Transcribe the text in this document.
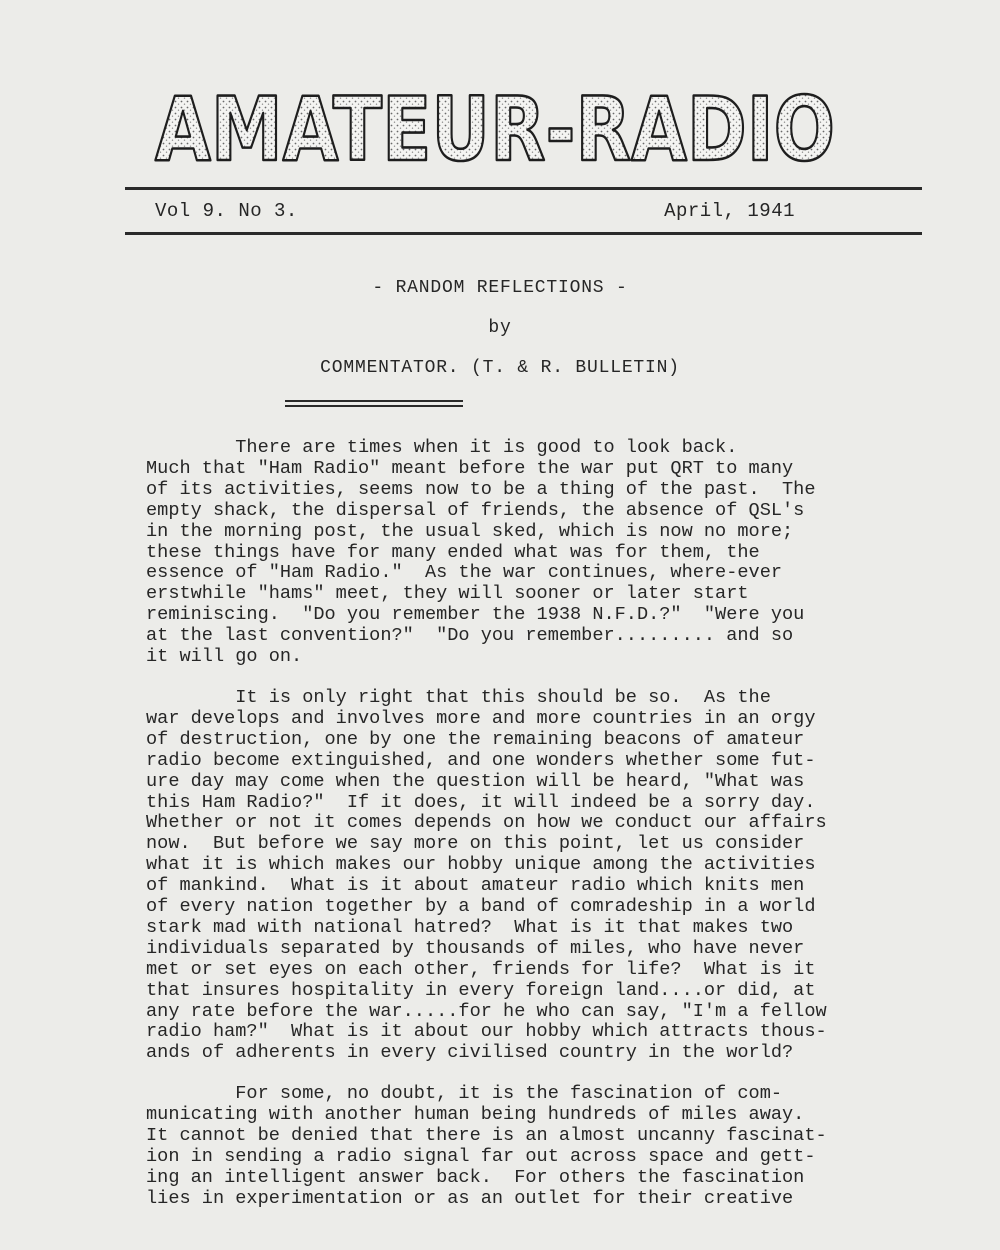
AMATEUR-RADIO
Vol 9. No 3.	April, 1941
- RANDOM REFLECTIONS -
by
COMMENTATOR. (T. & R. BULLETIN)

There are times when it is good to look back.
Much that "Ham Radio" meant before the war put QRT to many
of its activities, seems now to be a thing of the past.  The
empty shack, the dispersal of friends, the absence of QSL's
in the morning post, the usual sked, which is now no more;
these things have for many ended what was for them, the
essence of "Ham Radio."  As the war continues, where-ever
erstwhile "hams" meet, they will sooner or later start
reminiscing.  "Do you remember the 1938 N.F.D.?"  "Were you
at the last convention?"  "Do you remember......... and so
it will go on.

It is only right that this should be so.  As the
war develops and involves more and more countries in an orgy
of destruction, one by one the remaining beacons of amateur
radio become extinguished, and one wonders whether some fut-
ure day may come when the question will be heard, "What was
this Ham Radio?"  If it does, it will indeed be a sorry day.
Whether or not it comes depends on how we conduct our affairs
now.  But before we say more on this point, let us consider
what it is which makes our hobby unique among the activities
of mankind.  What is it about amateur radio which knits men
of every nation together by a band of comradeship in a world
stark mad with national hatred?  What is it that makes two
individuals separated by thousands of miles, who have never
met or set eyes on each other, friends for life?  What is it
that insures hospitality in every foreign land....or did, at
any rate before the war.....for he who can say, "I'm a fellow
radio ham?"  What is it about our hobby which attracts thous-
ands of adherents in every civilised country in the world?

For some, no doubt, it is the fascination of com-
municating with another human being hundreds of miles away.
It cannot be denied that there is an almost uncanny fascinat-
ion in sending a radio signal far out across space and gett-
ing an intelligent answer back.  For others the fascination
lies in experimentation or as an outlet for their creative
